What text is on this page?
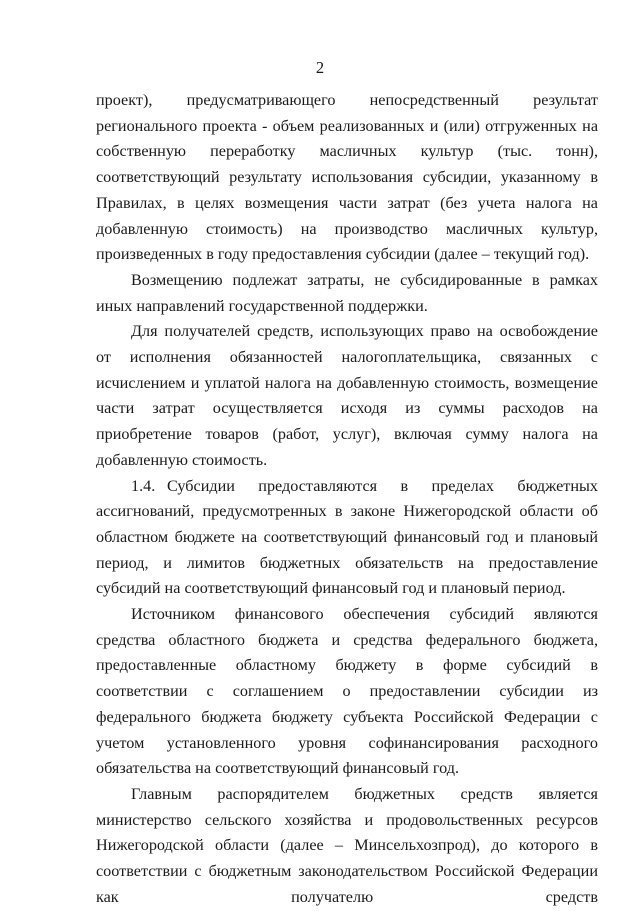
2

проект), предусматривающего непосредственный результат регионального проекта - объем реализованных и (или) отгруженных на собственную переработку масличных культур (тыс. тонн), соответствующий результату использования субсидии, указанному в Правилах, в целях возмещения части затрат (без учета налога на добавленную стоимость) на производство масличных культур, произведенных в году предоставления субсидии (далее – текущий год).

Возмещению подлежат затраты, не субсидированные в рамках иных направлений государственной поддержки.

Для получателей средств, использующих право на освобождение от исполнения обязанностей налогоплательщика, связанных с исчислением и уплатой налога на добавленную стоимость, возмещение части затрат осуществляется исходя из суммы расходов на приобретение товаров (работ, услуг), включая сумму налога на добавленную стоимость.

1.4. Субсидии предоставляются в пределах бюджетных ассигнований, предусмотренных в законе Нижегородской области об областном бюджете на соответствующий финансовый год и плановый период, и лимитов бюджетных обязательств на предоставление субсидий на соответствующий финансовый год и плановый период.

Источником финансового обеспечения субсидий являются средства областного бюджета и средства федерального бюджета, предоставленные областному бюджету в форме субсидий в соответствии с соглашением о предоставлении субсидии из федерального бюджета бюджету субъекта Российской Федерации с учетом установленного уровня софинансирования расходного обязательства на соответствующий финансовый год.

Главным распорядителем бюджетных средств является министерство сельского хозяйства и продовольственных ресурсов Нижегородской области (далее – Минсельхозпрод), до которого в соответствии с бюджетным законодательством Российской Федерации как получателю средств
